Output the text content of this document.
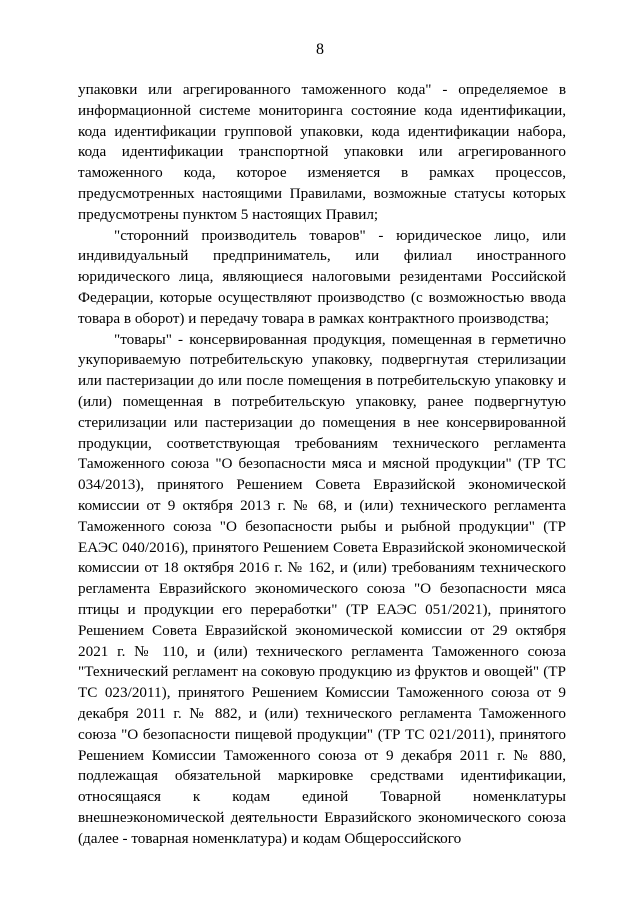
8

упаковки или агрегированного таможенного кода" - определяемое в информационной системе мониторинга состояние кода идентификации, кода идентификации групповой упаковки, кода идентификации набора, кода идентификации транспортной упаковки или агрегированного таможенного кода, которое изменяется в рамках процессов, предусмотренных настоящими Правилами, возможные статусы которых предусмотрены пунктом 5 настоящих Правил;

"сторонний производитель товаров" - юридическое лицо, или индивидуальный предприниматель, или филиал иностранного юридического лица, являющиеся налоговыми резидентами Российской Федерации, которые осуществляют производство (с возможностью ввода товара в оборот) и передачу товара в рамках контрактного производства;

"товары" - консервированная продукция, помещенная в герметично укупориваемую потребительскую упаковку, подвергнутая стерилизации или пастеризации до или после помещения в потребительскую упаковку и (или) помещенная в потребительскую упаковку, ранее подвергнутую стерилизации или пастеризации до помещения в нее консервированной продукции, соответствующая требованиям технического регламента Таможенного союза "О безопасности мяса и мясной продукции" (ТР ТС 034/2013), принятого Решением Совета Евразийской экономической комиссии от 9 октября 2013 г. № 68, и (или) технического регламента Таможенного союза "О безопасности рыбы и рыбной продукции" (ТР ЕАЭС 040/2016), принятого Решением Совета Евразийской экономической комиссии от 18 октября 2016 г. № 162, и (или) требованиям технического регламента Евразийского экономического союза "О безопасности мяса птицы и продукции его переработки" (ТР ЕАЭС 051/2021), принятого Решением Совета Евразийской экономической комиссии от 29 октября 2021 г. № 110, и (или) технического регламента Таможенного союза "Технический регламент на соковую продукцию из фруктов и овощей" (ТР ТС 023/2011), принятого Решением Комиссии Таможенного союза от 9 декабря 2011 г. № 882, и (или) технического регламента Таможенного союза "О безопасности пищевой продукции" (ТР ТС 021/2011), принятого Решением Комиссии Таможенного союза от 9 декабря 2011 г. № 880, подлежащая обязательной маркировке средствами идентификации, относящаяся к кодам единой Товарной номенклатуры внешнеэкономической деятельности Евразийского экономического союза (далее - товарная номенклатура) и кодам Общероссийского
